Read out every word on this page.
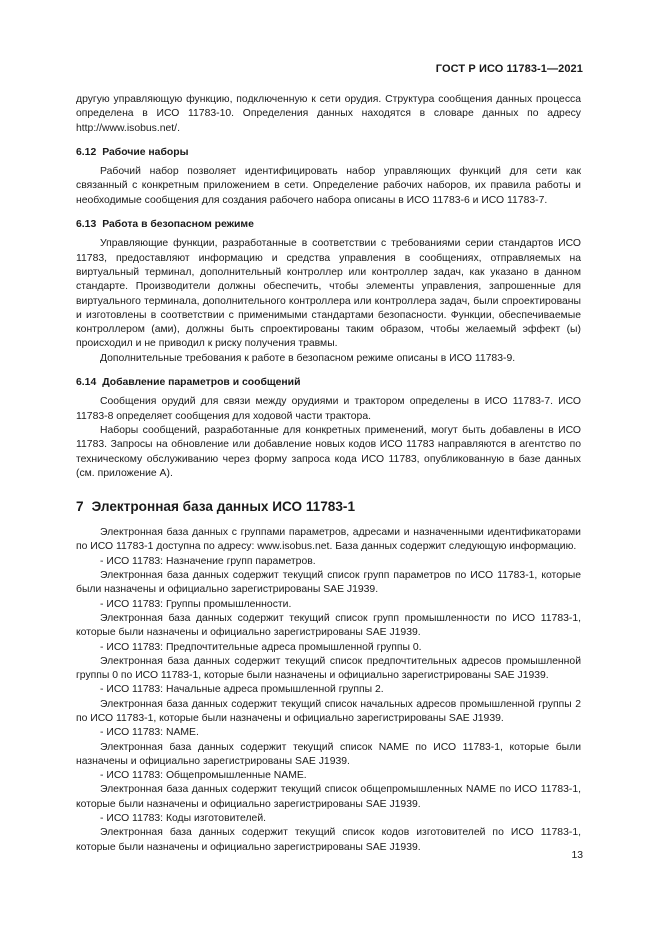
ГОСТ Р ИСО 11783-1—2021

другую управляющую функцию, подключенную к сети орудия. Структура сообщения данных процесса определена в ИСО 11783-10. Определения данных находятся в словаре данных по адресу http://www.isobus.net/.

6.12 Рабочие наборы

Рабочий набор позволяет идентифицировать набор управляющих функций для сети как связанный с конкретным приложением в сети. Определение рабочих наборов, их правила работы и необходимые сообщения для создания рабочего набора описаны в ИСО 11783-6 и ИСО 11783-7.

6.13 Работа в безопасном режиме

Управляющие функции, разработанные в соответствии с требованиями серии стандартов ИСО 11783, предоставляют информацию и средства управления в сообщениях, отправляемых на виртуальный терминал, дополнительный контроллер или контроллер задач, как указано в данном стандарте. Производители должны обеспечить, чтобы элементы управления, запрошенные для виртуального терминала, дополнительного контроллера или контроллера задач, были спроектированы и изготовлены в соответствии с применимыми стандартами безопасности. Функции, обеспечиваемые контроллером (ами), должны быть спроектированы таким образом, чтобы желаемый эффект (ы) происходил и не приводил к риску получения травмы.

Дополнительные требования к работе в безопасном режиме описаны в ИСО 11783-9.

6.14 Добавление параметров и сообщений

Сообщения орудий для связи между орудиями и трактором определены в ИСО 11783-7. ИСО 11783-8 определяет сообщения для ходовой части трактора.

Наборы сообщений, разработанные для конкретных применений, могут быть добавлены в ИСО 11783. Запросы на обновление или добавление новых кодов ИСО 11783 направляются в агентство по техническому обслуживанию через форму запроса кода ИСО 11783, опубликованную в базе данных (см. приложение А).

7 Электронная база данных ИСО 11783-1

Электронная база данных с группами параметров, адресами и назначенными идентификаторами по ИСО 11783-1 доступна по адресу: www.isobus.net. База данных содержит следующую информацию.

- ИСО 11783: Назначение групп параметров.

Электронная база данных содержит текущий список групп параметров по ИСО 11783-1, которые были назначены и официально зарегистрированы SAE J1939.

- ИСО 11783: Группы промышленности.

Электронная база данных содержит текущий список групп промышленности по ИСО 11783-1, которые были назначены и официально зарегистрированы SAE J1939.

- ИСО 11783: Предпочтительные адреса промышленной группы 0.

Электронная база данных содержит текущий список предпочтительных адресов промышленной группы 0 по ИСО 11783-1, которые были назначены и официально зарегистрированы SAE J1939.

- ИСО 11783: Начальные адреса промышленной группы 2.

Электронная база данных содержит текущий список начальных адресов промышленной группы 2 по ИСО 11783-1, которые были назначены и официально зарегистрированы SAE J1939.

- ИСО 11783: NAME.

Электронная база данных содержит текущий список NAME по ИСО 11783-1, которые были назначены и официально зарегистрированы SAE J1939.

- ИСО 11783: Общепромышленные NAME.

Электронная база данных содержит текущий список общепромышленных NAME по ИСО 11783-1, которые были назначены и официально зарегистрированы SAE J1939.

- ИСО 11783: Коды изготовителей.

Электронная база данных содержит текущий список кодов изготовителей по ИСО 11783-1, которые были назначены и официально зарегистрированы SAE J1939.

13
